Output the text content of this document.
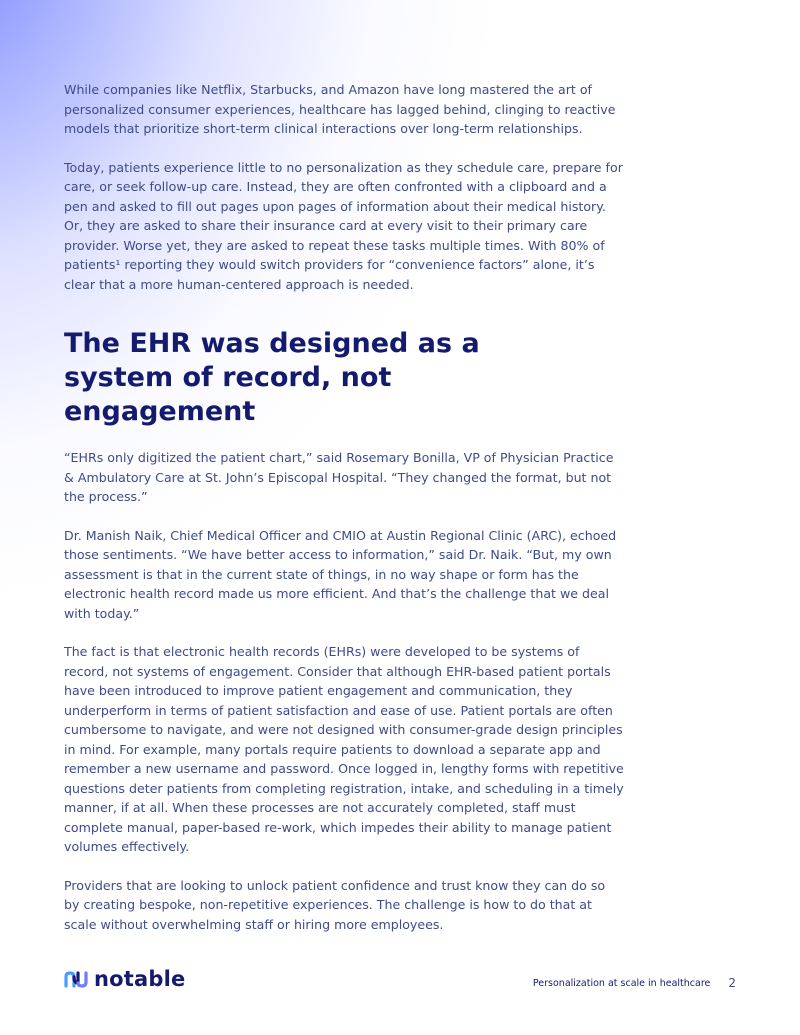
While companies like Netflix, Starbucks, and Amazon have long mastered the art of personalized consumer experiences, healthcare has lagged behind, clinging to reactive models that prioritize short-term clinical interactions over long-term relationships.

Today, patients experience little to no personalization as they schedule care, prepare for care, or seek follow-up care. Instead, they are often confronted with a clipboard and a pen and asked to fill out pages upon pages of information about their medical history. Or, they are asked to share their insurance card at every visit to their primary care provider. Worse yet, they are asked to repeat these tasks multiple times. With 80% of patients¹ reporting they would switch providers for “convenience factors” alone, it’s clear that a more human-centered approach is needed.

The EHR was designed as a system of record, not engagement

“EHRs only digitized the patient chart,” said Rosemary Bonilla, VP of Physician Practice & Ambulatory Care at St. John’s Episcopal Hospital. “They changed the format, but not the process.”

Dr. Manish Naik, Chief Medical Officer and CMIO at Austin Regional Clinic (ARC), echoed those sentiments. “We have better access to information,” said Dr. Naik. “But, my own assessment is that in the current state of things, in no way shape or form has the electronic health record made us more efficient. And that’s the challenge that we deal with today.”

The fact is that electronic health records (EHRs) were developed to be systems of record, not systems of engagement. Consider that although EHR-based patient portals have been introduced to improve patient engagement and communication, they underperform in terms of patient satisfaction and ease of use. Patient portals are often cumbersome to navigate, and were not designed with consumer-grade design principles in mind. For example, many portals require patients to download a separate app and remember a new username and password. Once logged in, lengthy forms with repetitive questions deter patients from completing registration, intake, and scheduling in a timely manner, if at all. When these processes are not accurately completed, staff must complete manual, paper-based re-work, which impedes their ability to manage patient volumes effectively.

Providers that are looking to unlock patient confidence and trust know they can do so by creating bespoke, non-repetitive experiences. The challenge is how to do that at scale without overwhelming staff or hiring more employees.

notable	Personalization at scale in healthcare 2
